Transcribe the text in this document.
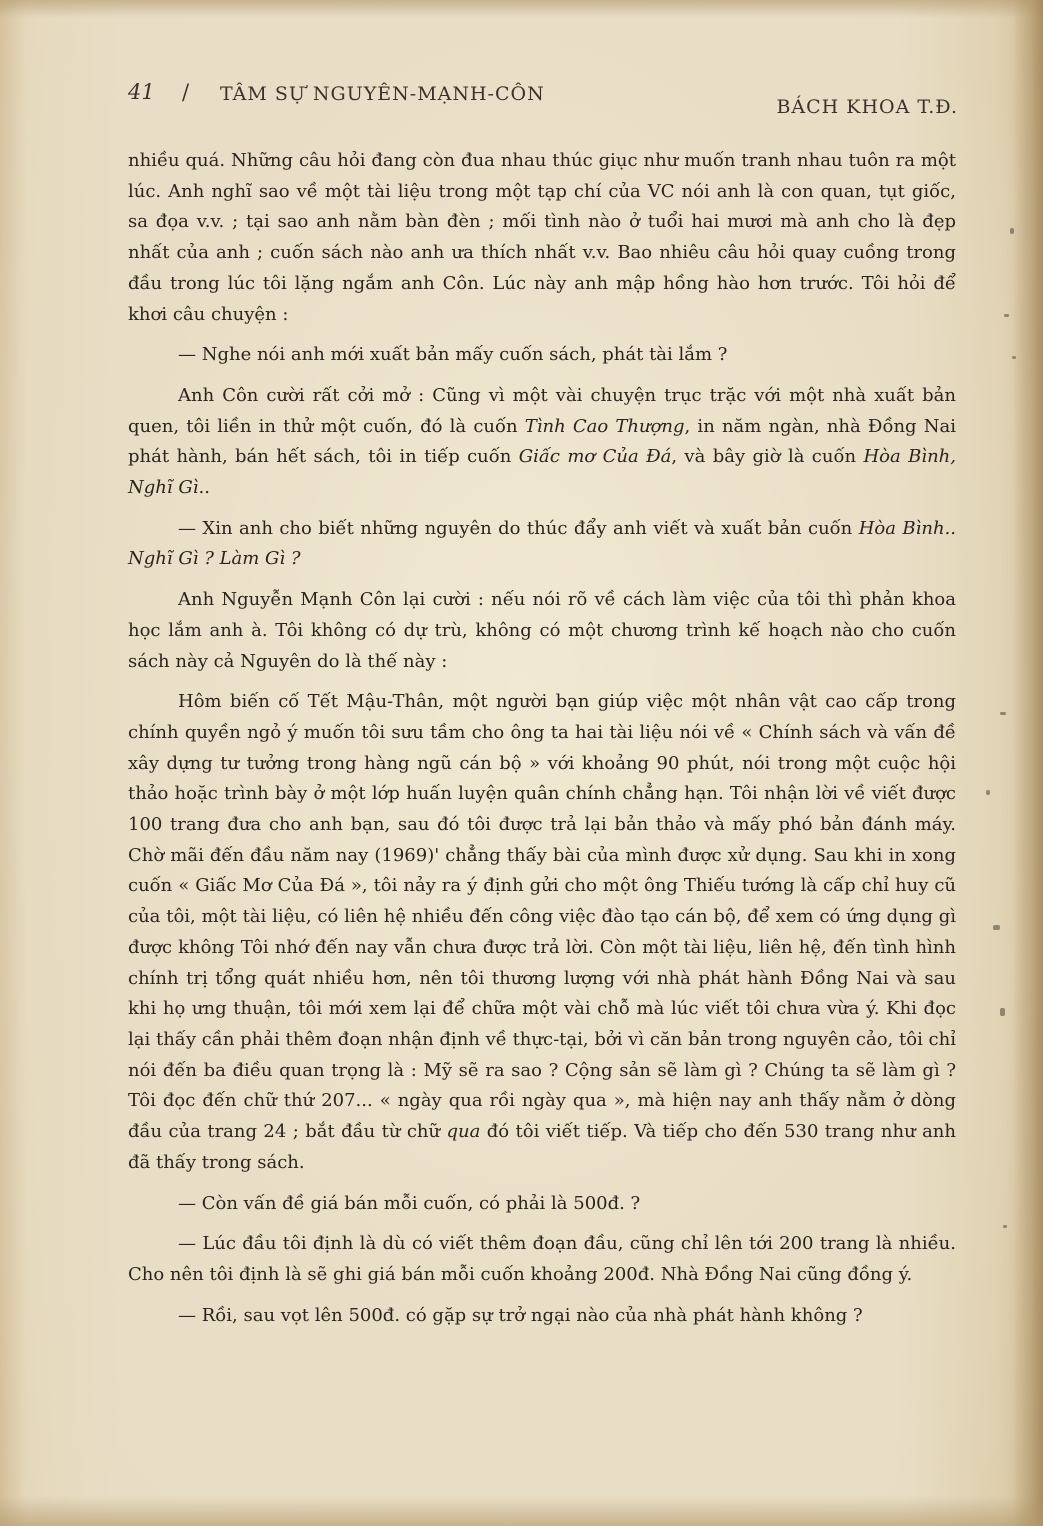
41 / TÂM SỰ NGUYÊN-MẠNH-CÔN
BÁCH KHOA T.Đ.

nhiều quá. Những câu hỏi đang còn đua nhau thúc giục như muốn tranh nhau tuôn ra một lúc. Anh nghĩ sao về một tài liệu trong một tạp chí của VC nói anh là con quan, tụt giốc, sa đọa v.v. ; tại sao anh nằm bàn đèn ; mối tình nào ở tuổi hai mươi mà anh cho là đẹp nhất của anh ; cuốn sách nào anh ưa thích nhất v.v. Bao nhiêu câu hỏi quay cuồng trong đầu trong lúc tôi lặng ngắm anh Côn. Lúc này anh mập hồng hào hơn trước. Tôi hỏi để khơi câu chuyện :

— Nghe nói anh mới xuất bản mấy cuốn sách, phát tài lắm ?

Anh Côn cười rất cởi mở : Cũng vì một vài chuyện trục trặc với một nhà xuất bản quen, tôi liền in thử một cuốn, đó là cuốn Tình Cao Thượng, in năm ngàn, nhà Đồng Nai phát hành, bán hết sách, tôi in tiếp cuốn Giấc mơ Của Đá, và bây giờ là cuốn Hòa Bình, Nghĩ Gì..

— Xin anh cho biết những nguyên do thúc đẩy anh viết và xuất bản cuốn Hòa Bình.. Nghĩ Gì ? Làm Gì ?

Anh Nguyễn Mạnh Côn lại cười : nếu nói rõ về cách làm việc của tôi thì phản khoa học lắm anh à. Tôi không có dự trù, không có một chương trình kế hoạch nào cho cuốn sách này cả Nguyên do là thế này :

Hôm biến cố Tết Mậu-Thân, một người bạn giúp việc một nhân vật cao cấp trong chính quyền ngỏ ý muốn tôi sưu tầm cho ông ta hai tài liệu nói về « Chính sách và vấn đề xây dựng tư tưởng trong hàng ngũ cán bộ » với khoảng 90 phút, nói trong một cuộc hội thảo hoặc trình bày ở một lớp huấn luyện quân chính chẳng hạn. Tôi nhận lời về viết được 100 trang đưa cho anh bạn, sau đó tôi được trả lại bản thảo và mấy phó bản đánh máy. Chờ mãi đến đầu năm nay (1969)' chẳng thấy bài của mình được xử dụng. Sau khi in xong cuốn « Giấc Mơ Của Đá », tôi nảy ra ý định gửi cho một ông Thiếu tướng là cấp chỉ huy cũ của tôi, một tài liệu, có liên hệ nhiều đến công việc đào tạo cán bộ, để xem có ứng dụng gì được không Tôi nhớ đến nay vẫn chưa được trả lời. Còn một tài liệu, liên hệ, đến tình hình chính trị tổng quát nhiều hơn, nên tôi thương lượng với nhà phát hành Đồng Nai và sau khi họ ưng thuận, tôi mới xem lại để chữa một vài chỗ mà lúc viết tôi chưa vừa ý. Khi đọc lại thấy cần phải thêm đoạn nhận định về thực-tại, bởi vì căn bản trong nguyên cảo, tôi chỉ nói đến ba điều quan trọng là : Mỹ sẽ ra sao ? Cộng sản sẽ làm gì ? Chúng ta sẽ làm gì ? Tôi đọc đến chữ thứ 207... « ngày qua rồi ngày qua », mà hiện nay anh thấy nằm ở dòng đầu của trang 24 ; bắt đầu từ chữ qua đó tôi viết tiếp. Và tiếp cho đến 530 trang như anh đã thấy trong sách.

— Còn vấn đề giá bán mỗi cuốn, có phải là 500đ. ?

— Lúc đầu tôi định là dù có viết thêm đoạn đầu, cũng chỉ lên tới 200 trang là nhiều. Cho nên tôi định là sẽ ghi giá bán mỗi cuốn khoảng 200đ. Nhà Đồng Nai cũng đồng ý.

— Rồi, sau vọt lên 500đ. có gặp sự trở ngại nào của nhà phát hành không ?
